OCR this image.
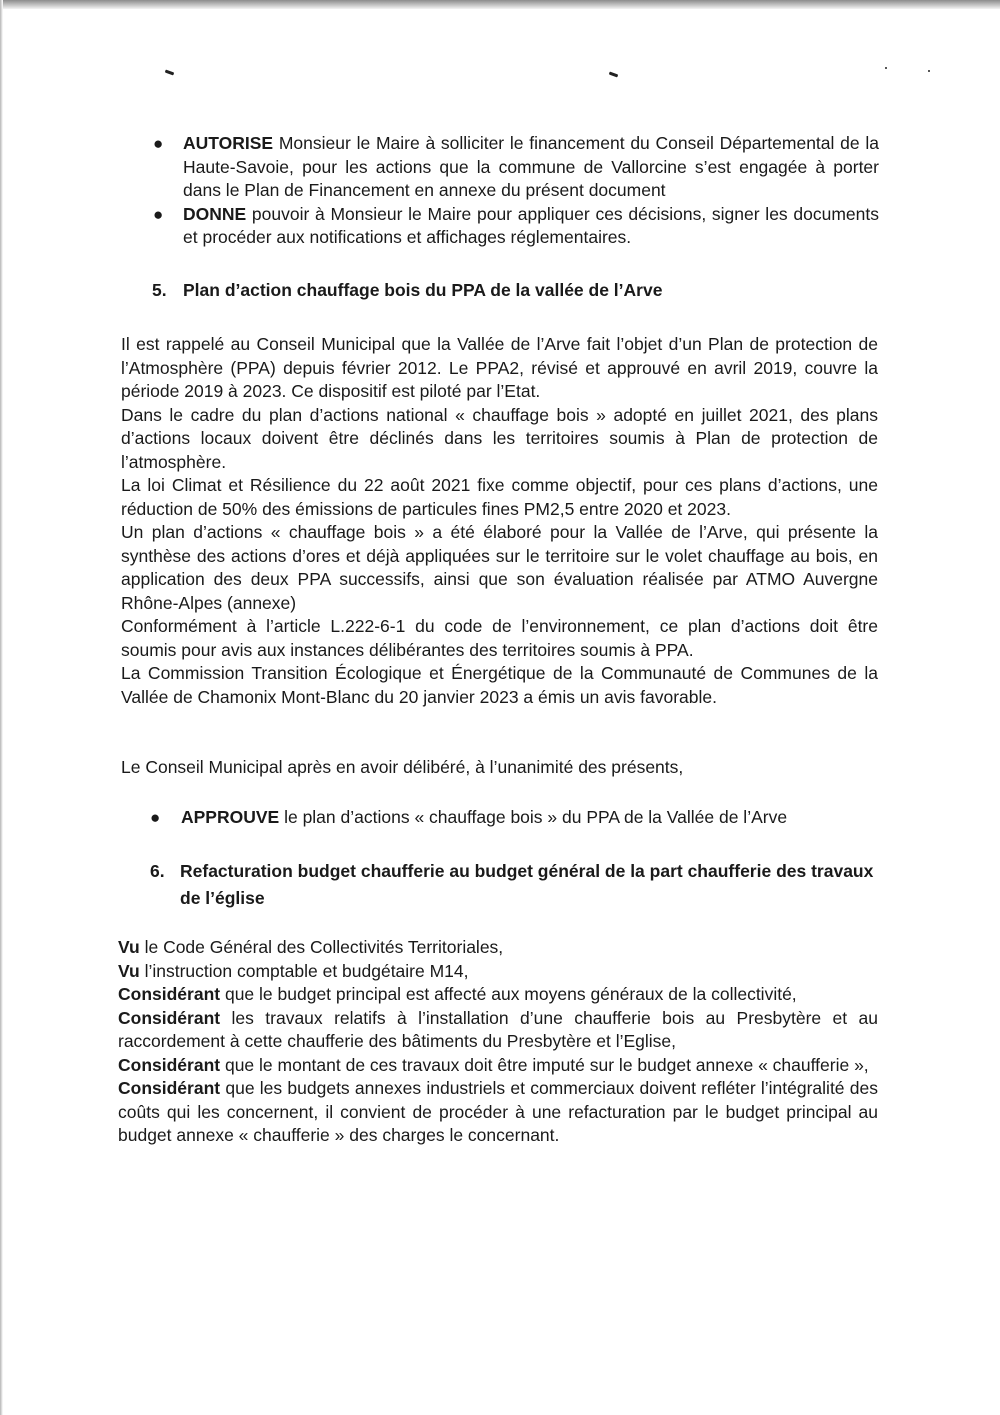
● AUTORISE Monsieur le Maire à solliciter le financement du Conseil Départemental de la Haute-Savoie, pour les actions que la commune de Vallorcine s’est engagée à porter dans le Plan de Financement en annexe du présent document
● DONNE pouvoir à Monsieur le Maire pour appliquer ces décisions, signer les documents et procéder aux notifications et affichages réglementaires.
5. Plan d’action chauffage bois du PPA de la vallée de l’Arve

Il est rappelé au Conseil Municipal que la Vallée de l’Arve fait l’objet d’un Plan de protection de l’Atmosphère (PPA) depuis février 2012. Le PPA2, révisé et approuvé en avril 2019, couvre la période 2019 à 2023. Ce dispositif est piloté par l’Etat.

Dans le cadre du plan d’actions national « chauffage bois » adopté en juillet 2021, des plans d’actions locaux doivent être déclinés dans les territoires soumis à Plan de protection de l’atmosphère.

La loi Climat et Résilience du 22 août 2021 fixe comme objectif, pour ces plans d’actions, une réduction de 50% des émissions de particules fines PM2,5 entre 2020 et 2023.

Un plan d’actions « chauffage bois » a été élaboré pour la Vallée de l’Arve, qui présente la synthèse des actions d’ores et déjà appliquées sur le territoire sur le volet chauffage au bois, en application des deux PPA successifs, ainsi que son évaluation réalisée par ATMO Auvergne Rhône-Alpes (annexe)

Conformément à l’article L.222-6-1 du code de l’environnement, ce plan d’actions doit être soumis pour avis aux instances délibérantes des territoires soumis à PPA.

La Commission Transition Écologique et Énergétique de la Communauté de Communes de la Vallée de Chamonix Mont-Blanc du 20 janvier 2023 a émis un avis favorable.

Le Conseil Municipal après en avoir délibéré, à l’unanimité des présents,

● APPROUVE le plan d’actions « chauffage bois » du PPA de la Vallée de l’Arve
6. Refacturation budget chaufferie au budget général de la part chaufferie des travaux
de l’église

Vu le Code Général des Collectivités Territoriales,

Vu l’instruction comptable et budgétaire M14,

Considérant que le budget principal est affecté aux moyens généraux de la collectivité,

Considérant les travaux relatifs à l’installation d’une chaufferie bois au Presbytère et au raccordement à cette chaufferie des bâtiments du Presbytère et l’Eglise,

Considérant que le montant de ces travaux doit être imputé sur le budget annexe « chaufferie »,

Considérant que les budgets annexes industriels et commerciaux doivent refléter l’intégralité des coûts qui les concernent, il convient de procéder à une refacturation par le budget principal au budget annexe « chaufferie » des charges le concernant.
